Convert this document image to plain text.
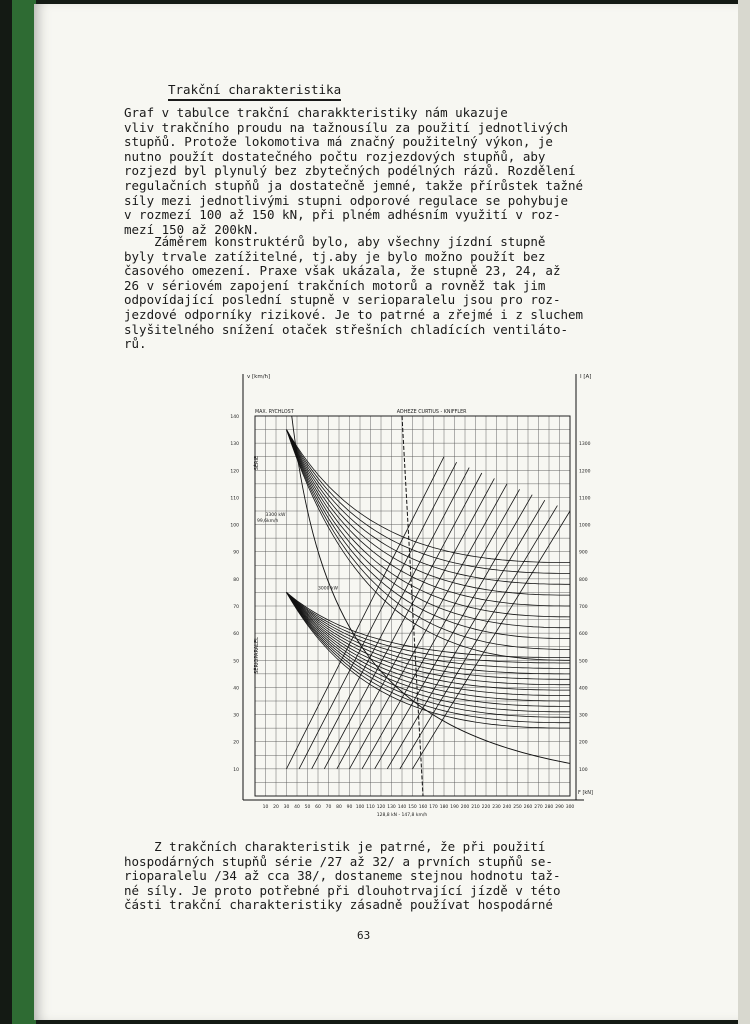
Trakční charakteristika
Graf v tabulce trakční charakkteristiky nám ukazuje
vliv trakčního proudu na tažnousílu za použití jednotlivých
stupňů. Protože lokomotiva má značný použitelný výkon, je
nutno použít dostatečného počtu rozjezdových stupňů, aby
rozjezd byl plynulý bez zbytečných podélných rázů. Rozdělení
regulačních stupňů ja dostatečně jemné, takže přírůstek tažné
síly mezi jednotlivými stupni odporové regulace se pohybuje
v rozmezí 100 až 150 kN, při plném adhésním využití v roz-
mezí 150 až 200kN.
Záměrem konstruktérů bylo, aby všechny jízdní stupně
byly trvale zatížitelné, tj.aby je bylo možno použít bez
časového omezení. Praxe však ukázala, že stupně 23, 24, až
26 v sériovém zapojení trakčních motorů a rovněž tak jim
odpovídající poslední stupně v serioparalelu jsou pro roz-
jezdové odporníky rizikové. Je to patrné a zřejmé i z sluchem
slyšitelného snížení otaček střešních chladících ventiláto-
rů.
10 20 30 40 50 60 70 80 90 100 110 120 130 140 150 160 170 180 190 200 210 220 230 240 250 260 270 280 290 300
10
20
30
40
50
60
70
80
90
100
110
120
130
140
100
200
300
400
500
600
700
800
900
1000
1100
1200
1300
v [km/h]	I [A]
F [kN]
MAX. RYCHLOST	ADHEZE CURTIUS - KNIFFLER
99,6km/h
3300 kW
3000 kW
128,8 kN - 147,8 km/h
SÉRIE
SÉRIOPARALEL
Z trakčních charakteristik je patrné, že při použití
hospodárných stupňů série /27 až 32/ a prvních stupňů se-
rioparalelu /34 až cca 38/, dostaneme stejnou hodnotu taž-
né síly. Je proto potřebné při dlouhotrvající jízdě v této
části trakční charakteristiky zásadně používat hospodárné
63
